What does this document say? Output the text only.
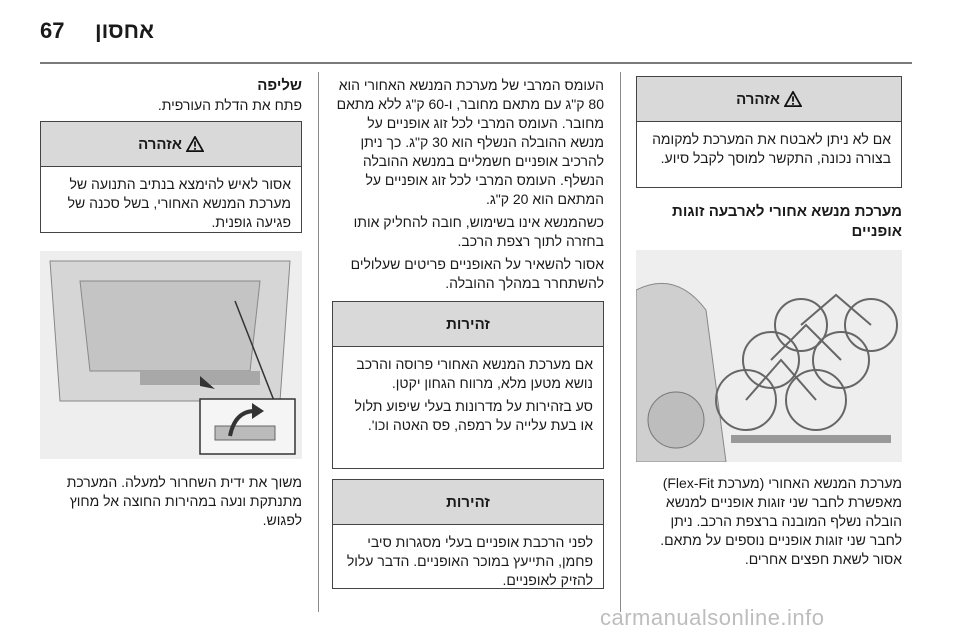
67 אחסון
אזהרה

אם לא ניתן לאבטח את המערכת למקומה בצורה נכונה, התקשר למוסך לקבל סיוע.

מערכת מנשא אחורי לארבעה זוגות אופניים

מערכת המנשא האחורי (מערכת Flex-Fit) מאפשרת לחבר שני זוגות אופניים למנשא הובלה נשלף המובנה ברצפת הרכב. ניתן לחבר שני זוגות אופניים נוספים על מתאם. אסור לשאת חפצים אחרים.

העומס המרבי של מערכת המנשא האחורי הוא 80 ק"ג עם מתאם מחובר, ו-60 ק"ג ללא מתאם מחובר. העומס המרבי לכל זוג אופניים על מנשא ההובלה הנשלף הוא 30 ק"ג. כך ניתן להרכיב אופניים חשמליים במנשא ההובלה הנשלף. העומס המרבי לכל זוג אופניים על המתאם הוא 20 ק"ג.

כשהמנשא אינו בשימוש, חובה להחליק אותו בחזרה לתוך רצפת הרכב.

אסור להשאיר על האופניים פריטים שעלולים להשתחרר במהלך ההובלה.

זהירות

אם מערכת המנשא האחורי פרוסה והרכב נושא מטען מלא, מרווח הגחון יקטן.

סע בזהירות על מדרונות בעלי שיפוע תלול או בעת עלייה על רמפה, פס האטה וכו'.

זהירות

לפני הרכבת אופניים בעלי מסגרות סיבי פחמן, התייעץ במוכר האופניים. הדבר עלול להזיק לאופניים.

שליפה

פתח את הדלת העורפית.

אזהרה

אסור לאיש להימצא בנתיב התנועה של מערכת המנשא האחורי, בשל סכנה של פגיעה גופנית.

משוך את ידית השחרור למעלה. המערכת מתנתקת ונעה במהירות החוצה אל מחוץ לפגוש.

carmanualsonline.info
